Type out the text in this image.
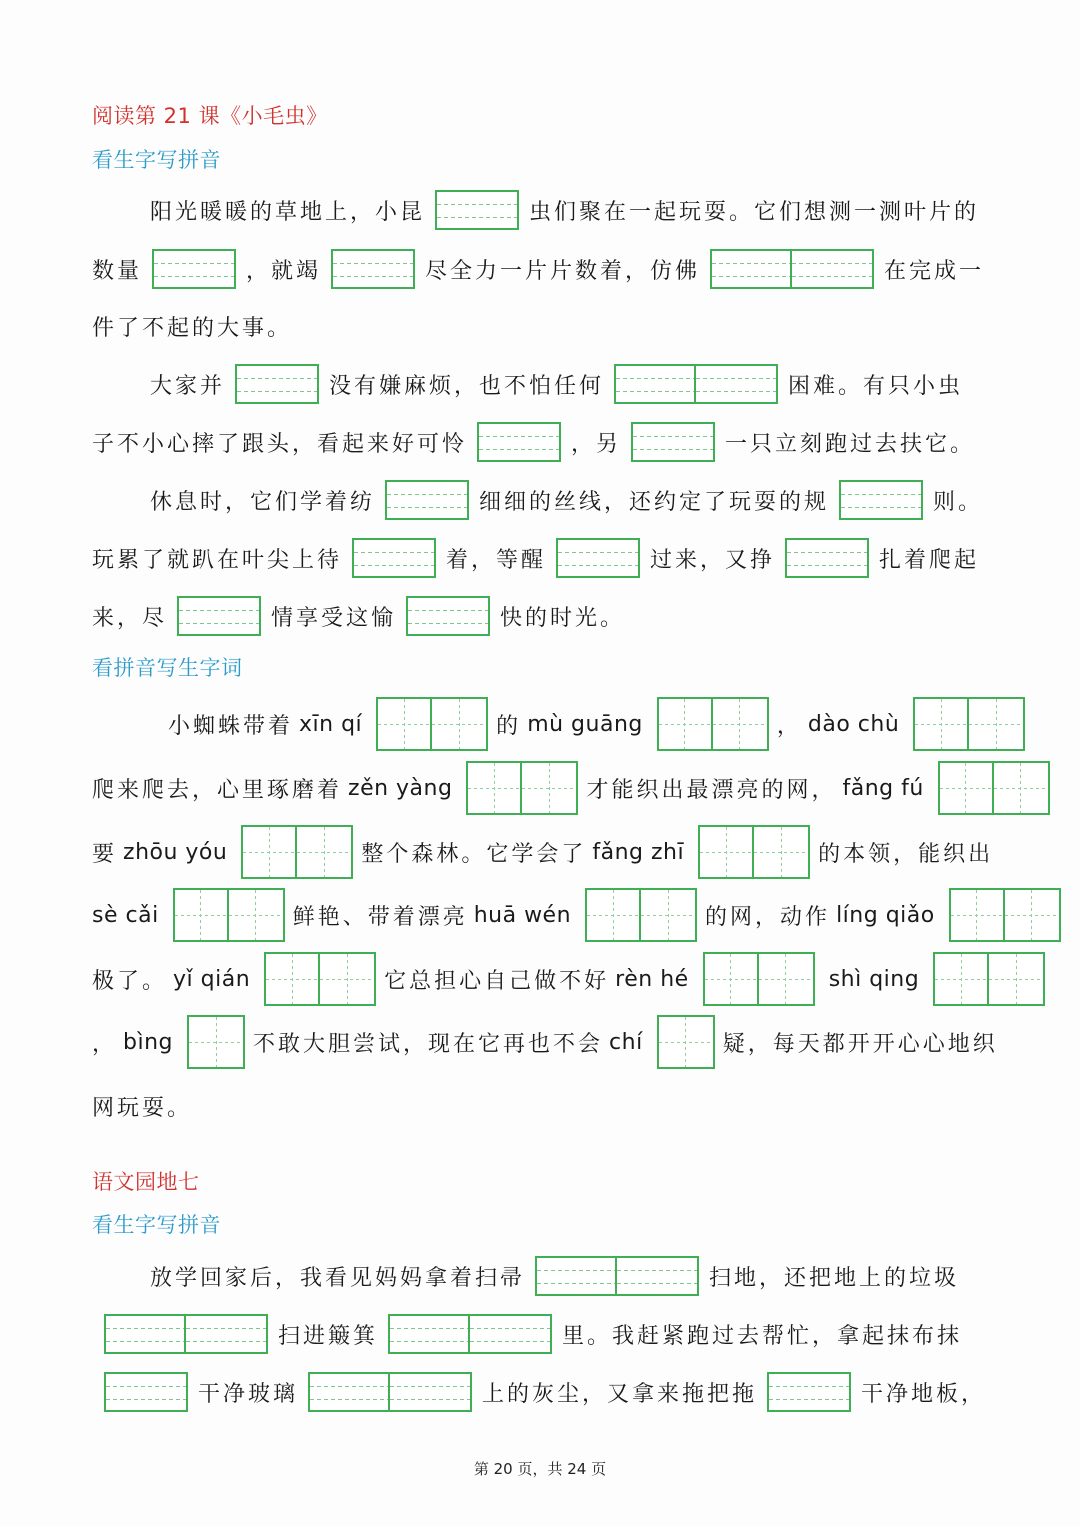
阅读第 21 课《小毛虫》
看生字写拼音
阳光暖暖的草地上，小昆	虫们聚在一起玩耍。它们想测一测叶片的
数量	，就竭	尽全力一片片数着，仿佛	在完成一
件了不起的大事。
大家并	没有嫌麻烦，也不怕任何	困难。有只小虫
子不小心摔了跟头，看起来好可怜	，另	一只立刻跑过去扶它。
休息时，它们学着纺	细细的丝线，还约定了玩耍的规	则。
玩累了就趴在叶尖上待	着，等醒	过来，又挣	扎着爬起
来，尽	情享受这愉	快的时光。
看拼音写生字词
小蜘蛛带着 xīn qí	的 mù guāng	， dào chù
爬来爬去，心里琢磨着 zěn yàng	才能织出最漂亮的网， fǎng fú
要 zhōu yóu	整个森林。它学会了 fǎng zhī	的本领，能织出
sè cǎi	鲜艳、带着漂亮 huā wén	的网，动作 líng qiǎo
极了。 yǐ qián	它总担心自己做不好 rèn hé	shì qing
， bìng	不敢大胆尝试，现在它再也不会 chí	疑，每天都开开心心地织
网玩耍。
语文园地七
看生字写拼音
放学回家后，我看见妈妈拿着扫帚	扫地，还把地上的垃圾
扫进簸箕	里。我赶紧跑过去帮忙，拿起抹布抹
干净玻璃	上的灰尘，又拿来拖把拖	干净地板，
第 20 页，共 24 页
